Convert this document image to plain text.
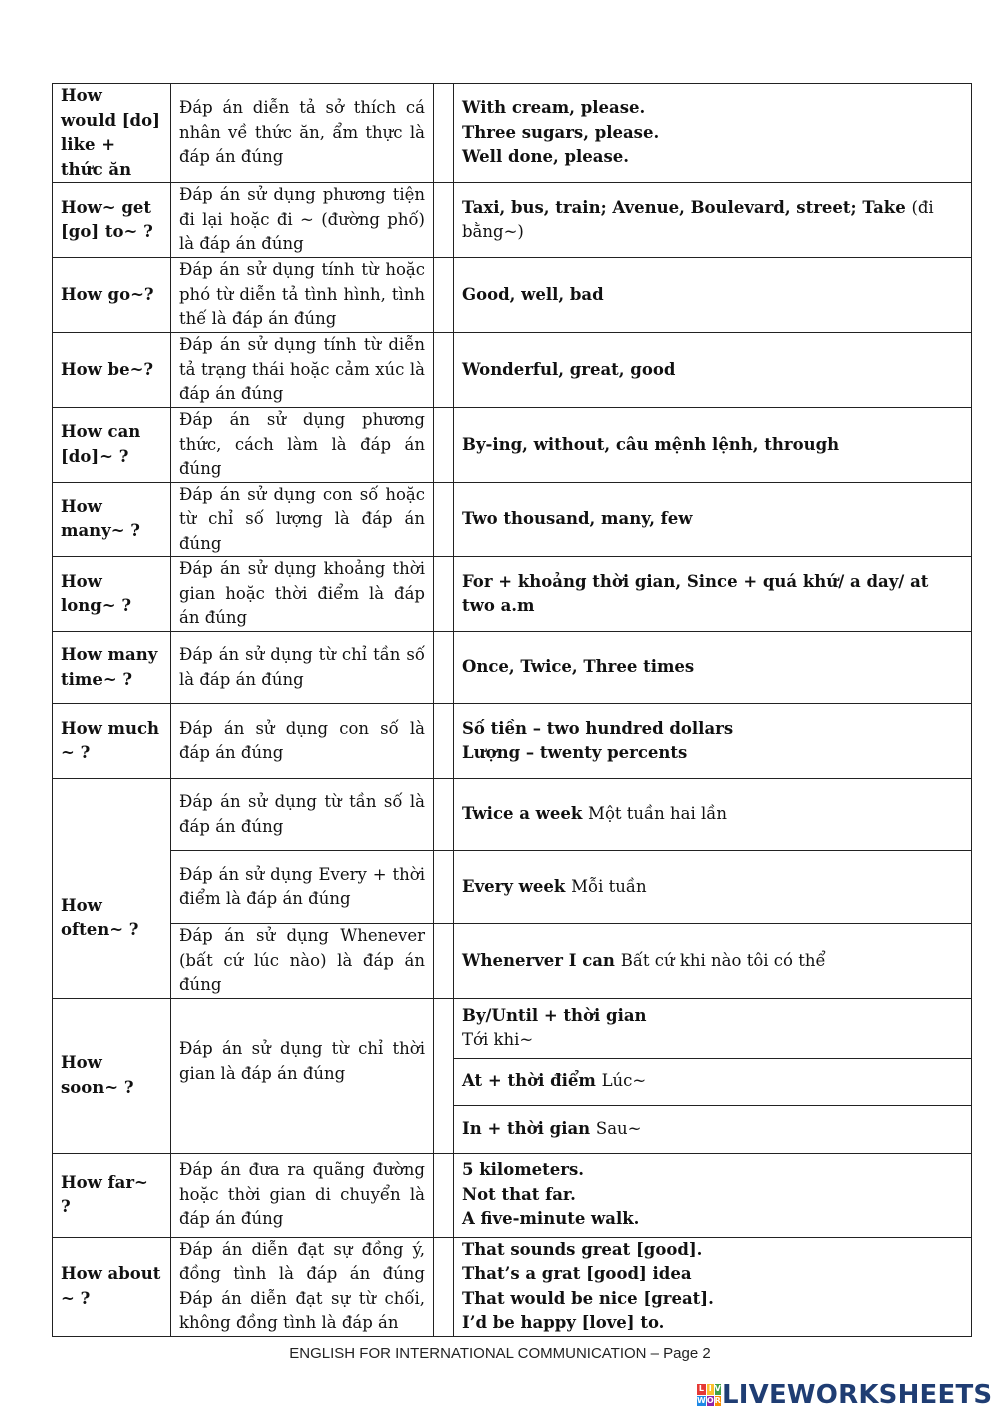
How would [do] like + thức ăn	Đáp án diễn tả sở thích cá nhân về thức ăn, ẩm thực là đáp án đúng		With cream, please.
Three sugars, please.
Well done, please.

How~ get [go] to~ ?	Đáp án sử dụng phương tiện đi lại hoặc đi ~ (đường phố) là đáp án đúng		Taxi, bus, train; Avenue, Boulevard, street; Take (đi bằng~)

How go~?	Đáp án sử dụng tính từ hoặc phó từ diễn tả tình hình, tình thế là đáp án đúng		Good, well, bad

How be~?	Đáp án sử dụng tính từ diễn tả trạng thái hoặc cảm xúc là đáp án đúng		Wonderful, great, good

How can [do]~ ?	Đáp án sử dụng phương thức, cách làm là đáp án đúng		By-ing, without, câu mệnh lệnh, through

How many~ ?	Đáp án sử dụng con số hoặc từ chỉ số lượng là đáp án đúng		Two thousand, many, few

How long~ ?	Đáp án sử dụng khoảng thời gian hoặc thời điểm là đáp án đúng		For + khoảng thời gian, Since + quá khứ/ a day/ at two a.m

How many time~ ?	Đáp án sử dụng từ chỉ tần số là đáp án đúng		Once, Twice, Three times

How much ~ ?	Đáp án sử dụng con số là đáp án đúng		Số tiền – two hundred dollars
Lượng – twenty percents

How often~ ?	Đáp án sử dụng từ tần số là đáp án đúng		Twice a week Một tuần hai lần

	Đáp án sử dụng Every + thời điểm là đáp án đúng		Every week Mỗi tuần

	Đáp án sử dụng Whenever (bất cứ lúc nào) là đáp án đúng		Whenerver I can Bất cứ khi nào tôi có thể

How soon~ ?	Đáp án sử dụng từ chỉ thời gian là đáp án đúng		By/Until + thời gian
Tới khi~

			At + thời điểm Lúc~

			In + thời gian Sau~

How far~ ?	Đáp án đưa ra quãng đường hoặc thời gian di chuyển là đáp án đúng		5 kilometers.
Not that far.
A five-minute walk.

How about ~ ?	Đáp án diễn đạt sự đồng ý, đồng tình là đáp án đúng Đáp án diễn đạt sự từ chối, không đồng tình là đáp án		That sounds great [good].
That’s a grat [good] idea
That would be nice [great].
I’d be happy [love] to.
ENGLISH FOR INTERNATIONAL COMMUNICATION – Page 2
L I V
W O R LIVEWORKSHEETS
